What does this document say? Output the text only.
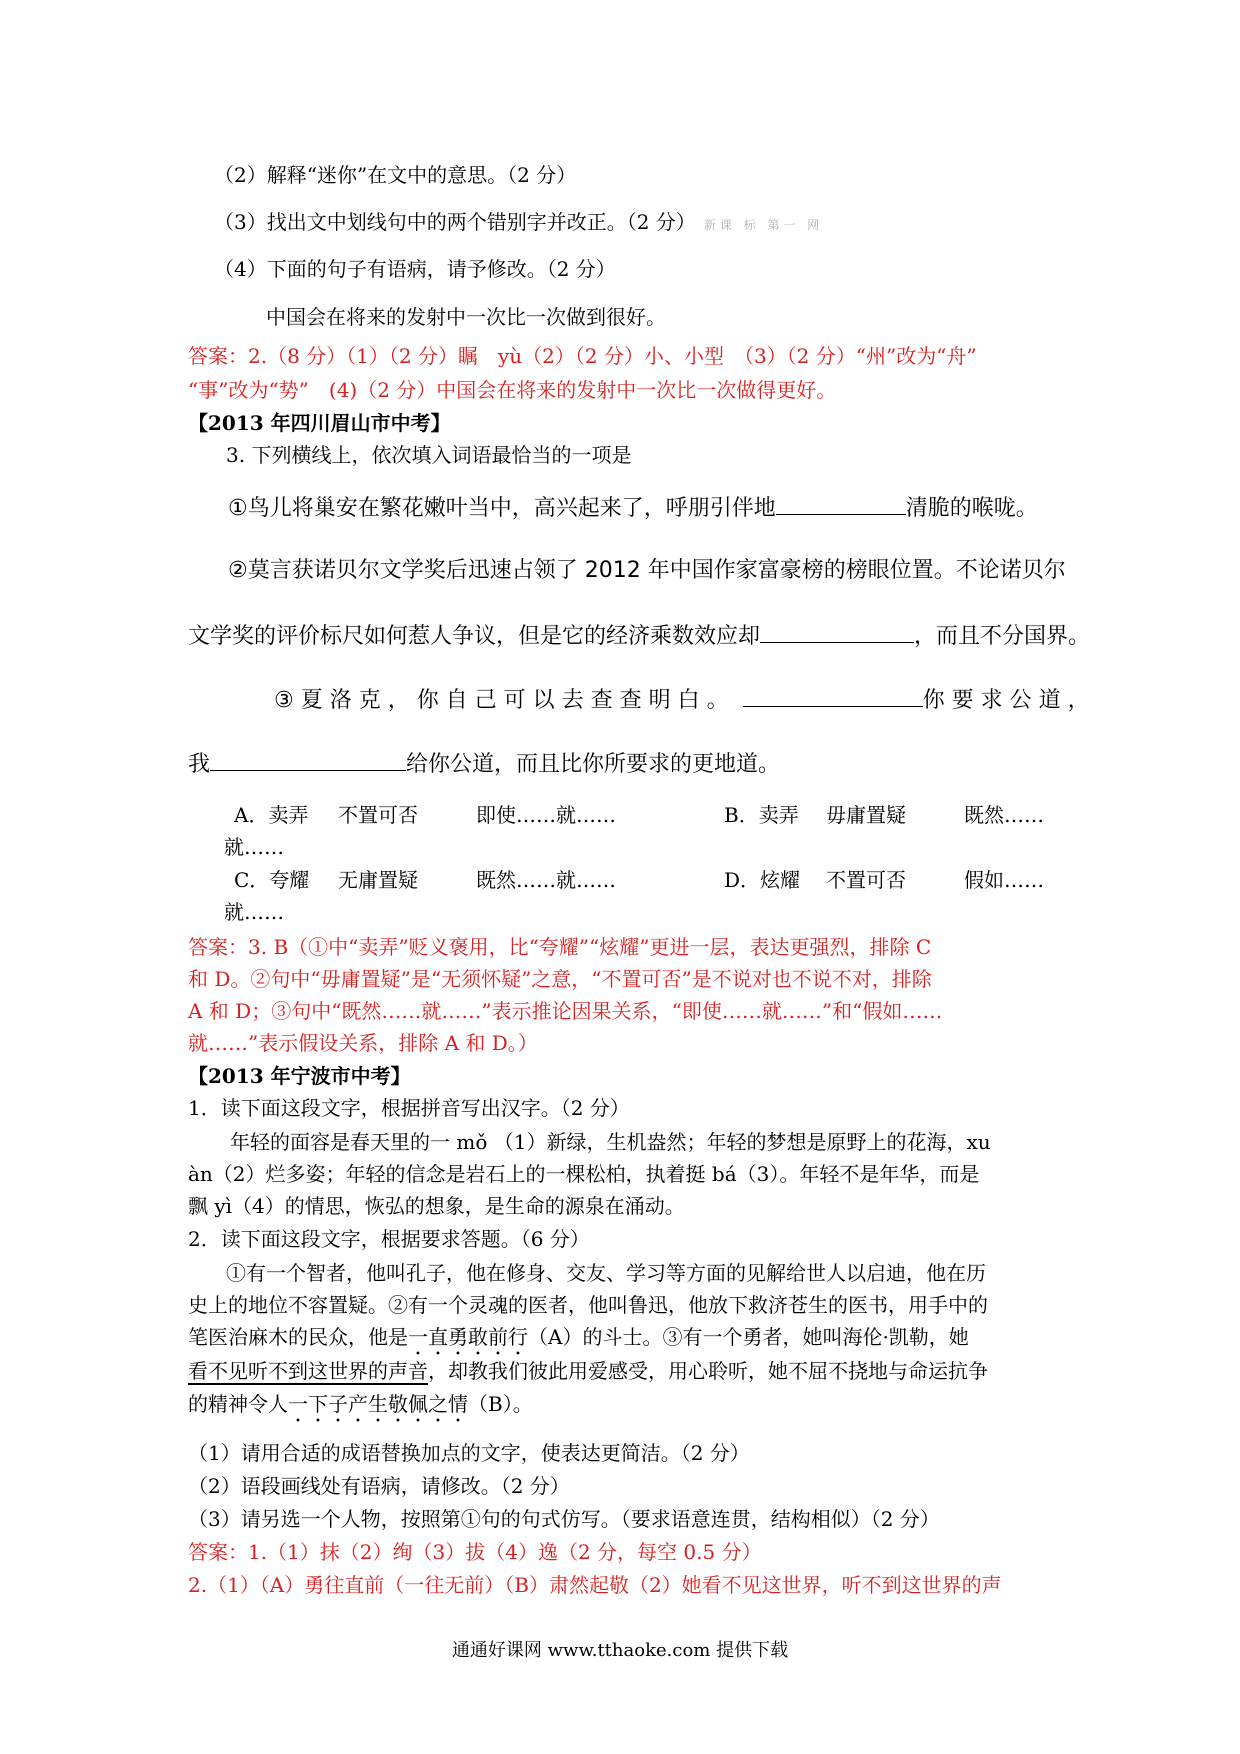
（2）解释“迷你”在文中的意思。（2 分）
（3）找出文中划线句中的两个错别字并改正。（2 分） 新课 标 第一 网
（4）下面的句子有语病，请予修改。（2 分）
中国会在将来的发射中一次比一次做到很好。
答案：2.（8 分）（1）（2 分）瞩　yù（2）（2 分）小、小型　（3）（2 分）“州”改为“舟”
“事”改为“势”　(4)（2 分）中国会在将来的发射中一次比一次做得更好。
【2013 年四川眉山市中考】
3. 下列横线上，依次填入词语最恰当的一项是
①鸟儿将巢安在繁花嫩叶当中，高兴起来了，呼朋引伴地	清脆的喉咙。
②莫言获诺贝尔文学奖后迅速占领了 2012 年中国作家富豪榜的榜眼位置。不论诺贝尔
文学奖的评价标尺如何惹人争议，但是它的经济乘数效应却	，而且不分国界。
③ 夏 洛 克 ， 你 自 己 可 以 去 查 查 明 白 。	你 要 求 公 道 ，
我	给你公道，而且比你所要求的更地道。
A．卖弄 不置可否	即使……就……	B．卖弄 毋庸置疑	既然……
就……
C．夸耀 无庸置疑	既然……就……	D．炫耀 不置可否	假如……
就……
答案：3. B（①中“卖弄”贬义褒用，比“夸耀”“炫耀”更进一层，表达更强烈，排除 C
和 D。②句中“毋庸置疑”是“无须怀疑”之意，“不置可否”是不说对也不说不对，排除
A 和 D；③句中“既然……就……”表示推论因果关系，“即使……就……”和“假如……
就……”表示假设关系，排除 A 和 D。）
【2013 年宁波市中考】
1．读下面这段文字，根据拼音写出汉字。（2 分）
年轻的面容是春天里的一 mǒ （1）新绿，生机盎然；年轻的梦想是原野上的花海，xu
àn（2）烂多姿；年轻的信念是岩石上的一棵松柏，执着挺 bá（3）。年轻不是年华，而是
飘 yì（4）的情思，恢弘的想象，是生命的源泉在涌动。
2．读下面这段文字，根据要求答题。（6 分）
①有一个智者，他叫孔子，他在修身、交友、学习等方面的见解给世人以启迪，他在历
史上的地位不容置疑。②有一个灵魂的医者，他叫鲁迅，他放下救济苍生的医书，用手中的
笔医治麻木的民众，他是一直勇敢前行（A）的斗士。③有一个勇者，她叫海伦·凯勒，她
看不见听不到这世界的声音，却教我们彼此用爱感受，用心聆听，她不屈不挠地与命运抗争
的精神令人一下子产生敬佩之情（B）。
（1）请用合适的成语替换加点的文字，使表达更简洁。（2 分）
（2）语段画线处有语病，请修改。（2 分）
（3）请另选一个人物，按照第①句的句式仿写。（要求语意连贯，结构相似）（2 分）
答案：1.（1）抹（2）绚（3）拔（4）逸（2 分，每空 0.5 分）
2.（1）（A）勇往直前（一往无前）（B）肃然起敬（2）她看不见这世界，听不到这世界的声
通通好课网 www.tthaoke.com 提供下载
